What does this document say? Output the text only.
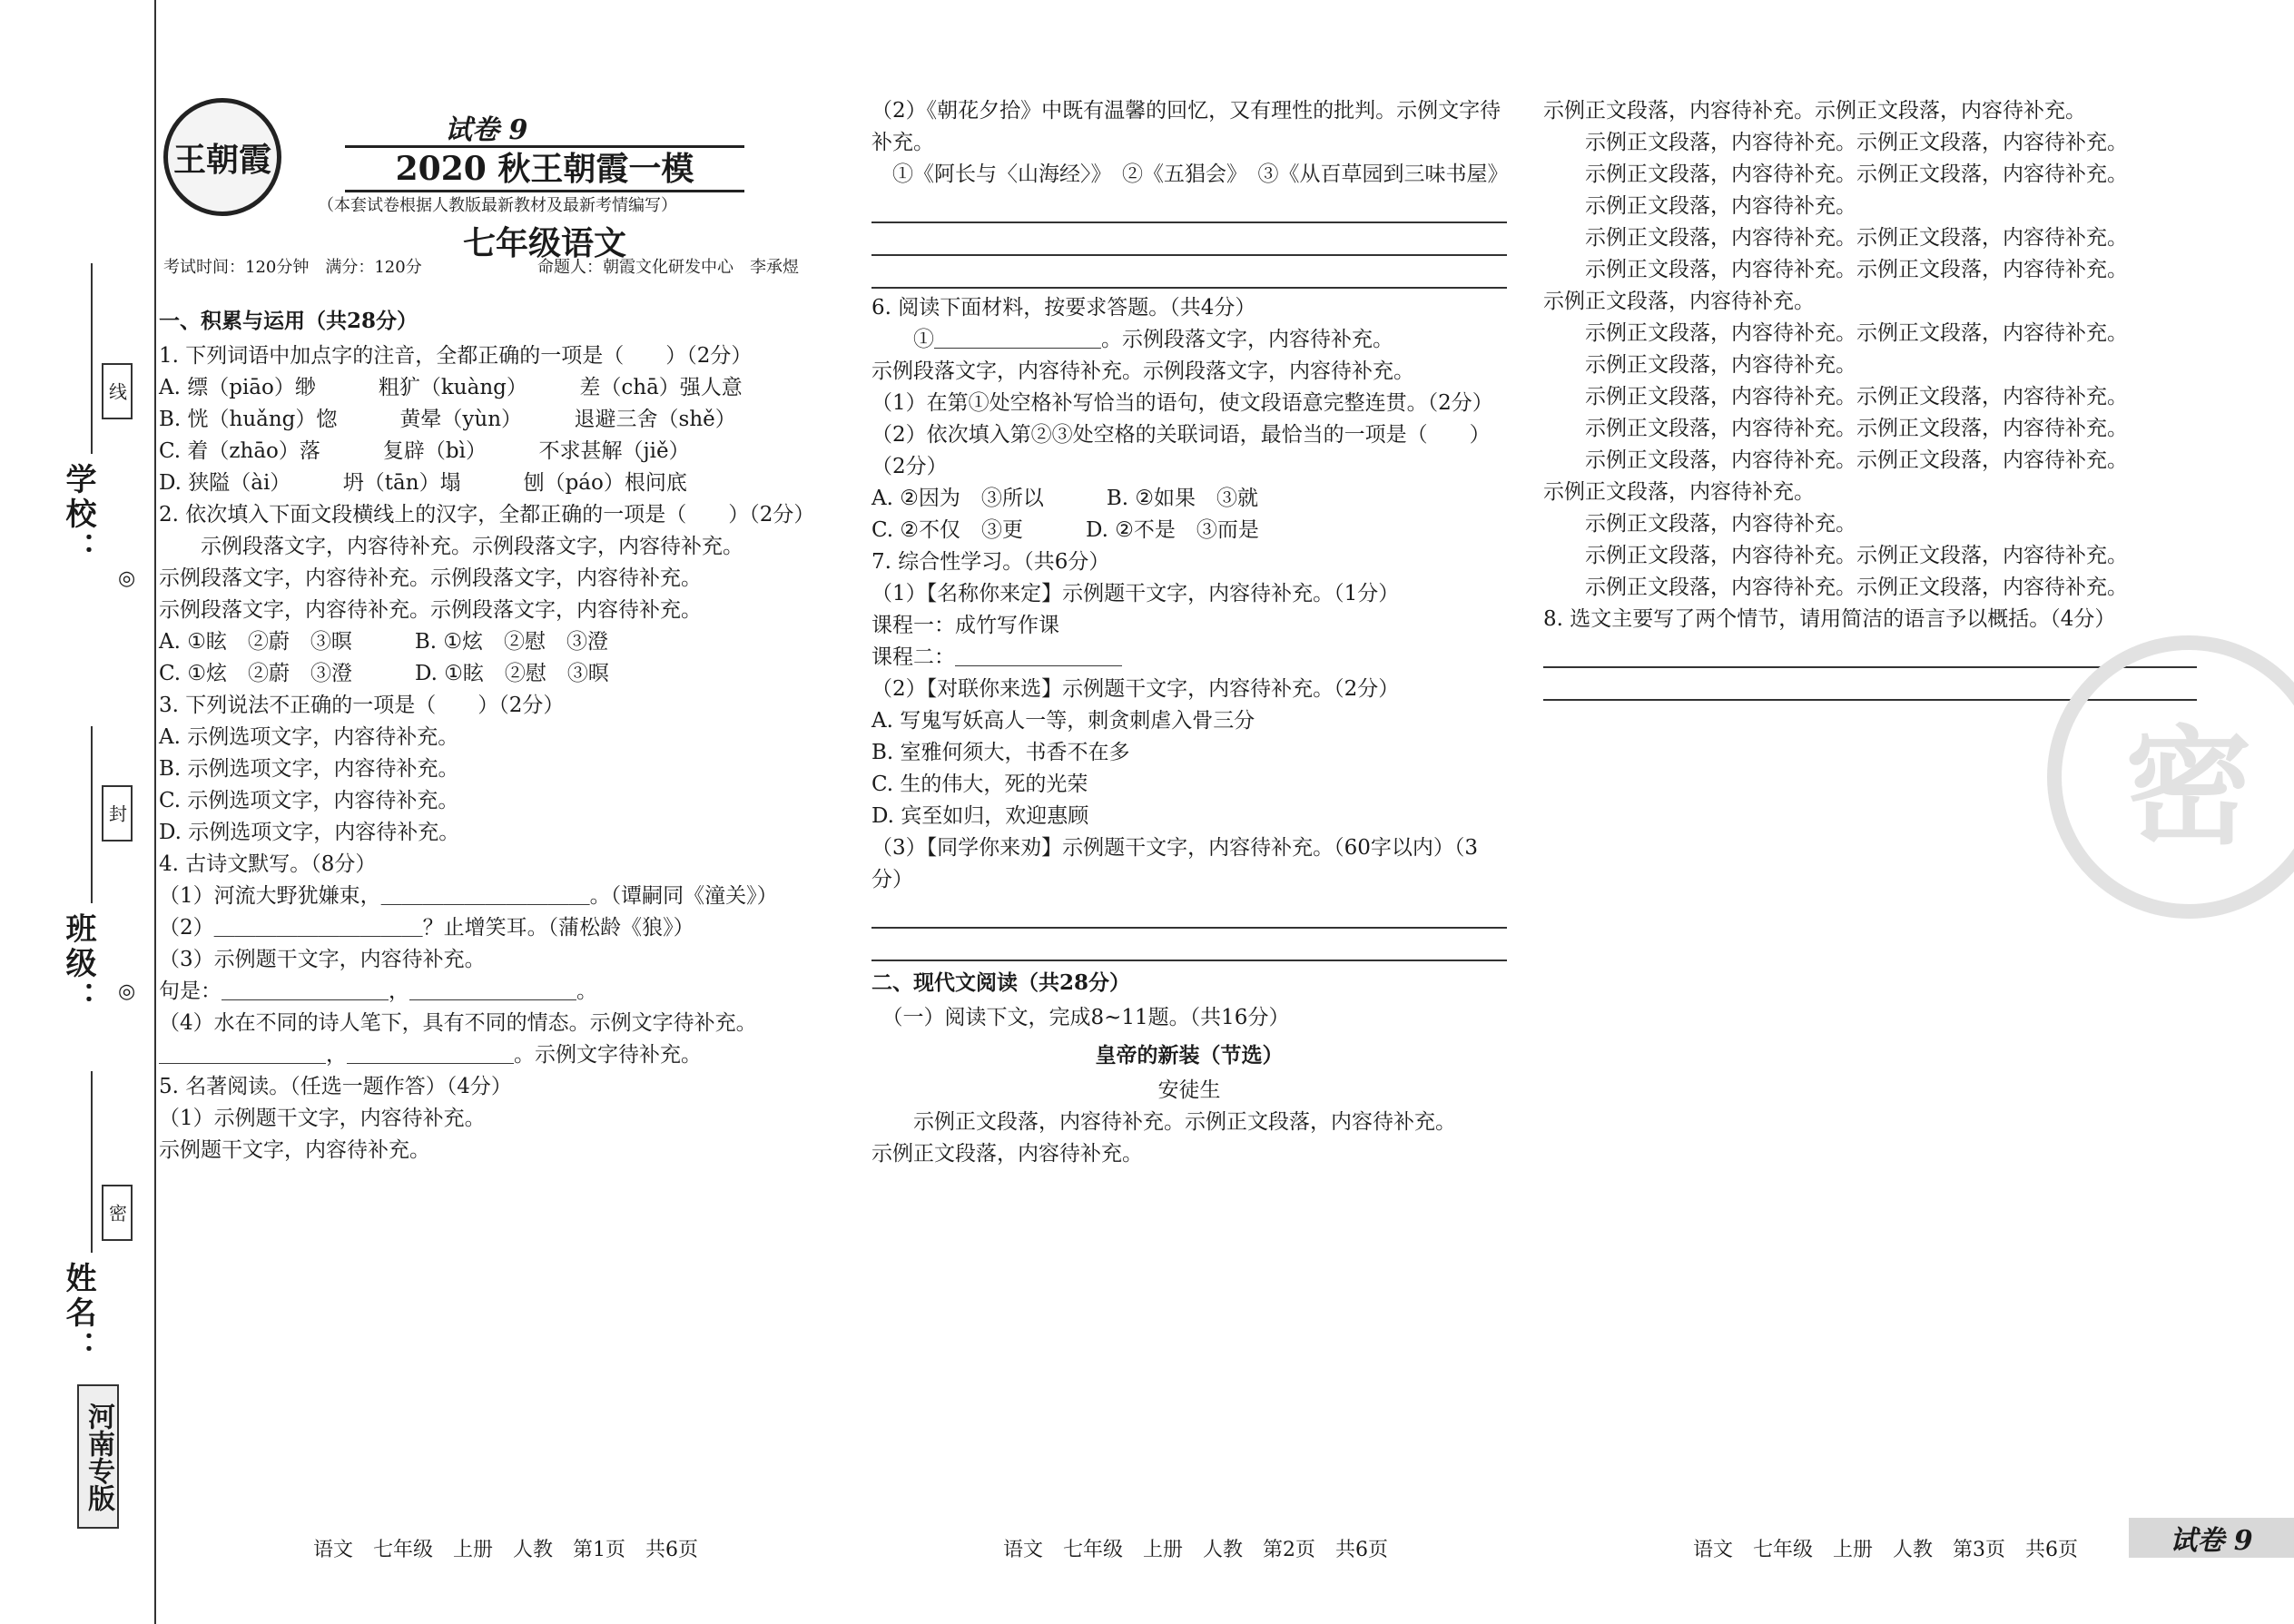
学校：
班级：
姓名：
线
封
密
◎
◎
河南专版
王朝霞
试卷 9
2020 秋王朝霞一模
（本套试卷根据人教版最新教材及最新考情编写）
七年级语文
考试时间：120分钟　满分：120分	命题人：朝霞文化研发中心　李承煜
一、积累与运用（共28分）
1. 下列词语中加点字的注音，全都正确的一项是（　　）（2分）
A. 缥（piāo）缈　　　粗犷（kuàng）　　　差（chā）强人意
B. 恍（huǎng）惚　　　黄晕（yùn）　　　退避三舍（shě）
C. 着（zhāo）落　　　复辟（bì）　　　不求甚解（jiě）
D. 狭隘（ài）　　　坍（tān）塌　　　刨（páo）根问底
2. 依次填入下面文段横线上的汉字，全都正确的一项是（　　）（2分）
　　示例段落文字，内容待补充。示例段落文字，内容待补充。
示例段落文字，内容待补充。示例段落文字，内容待补充。
示例段落文字，内容待补充。示例段落文字，内容待补充。
A. ①眩　②蔚　③暝　　　B. ①炫　②慰　③澄
C. ①炫　②蔚　③澄　　　D. ①眩　②慰　③暝
3. 下列说法不正确的一项是（　　）（2分）
A. 示例选项文字，内容待补充。
B. 示例选项文字，内容待补充。
C. 示例选项文字，内容待补充。
D. 示例选项文字，内容待补充。
4. 古诗文默写。（8分）
（1）河流大野犹嫌束，＿＿＿＿＿＿＿＿＿＿。（谭嗣同《潼关》）
（2）＿＿＿＿＿＿＿＿＿＿？止增笑耳。（蒲松龄《狼》）
（3）示例题干文字，内容待补充。
句是：＿＿＿＿＿＿＿＿，＿＿＿＿＿＿＿＿。
（4）水在不同的诗人笔下，具有不同的情态。示例文字待补充。
＿＿＿＿＿＿＿＿，＿＿＿＿＿＿＿＿。示例文字待补充。
5. 名著阅读。（任选一题作答）（4分）
（1）示例题干文字，内容待补充。
示例题干文字，内容待补充。
（2）《朝花夕拾》中既有温馨的回忆，又有理性的批判。示例文字待补充。
　①《阿长与〈山海经〉》　②《五猖会》　③《从百草园到三味书屋》
6. 阅读下面材料，按要求答题。（共4分）
　　①＿＿＿＿＿＿＿＿。示例段落文字，内容待补充。
示例段落文字，内容待补充。示例段落文字，内容待补充。
（1）在第①处空格补写恰当的语句，使文段语意完整连贯。（2分）
（2）依次填入第②③处空格的关联词语，最恰当的一项是（　　）（2分）
A. ②因为　③所以　　　B. ②如果　③就
C. ②不仅　③更　　　D. ②不是　③而是
7. 综合性学习。（共6分）
（1）【名称你来定】示例题干文字，内容待补充。（1分）
课程一：成竹写作课
课程二：＿＿＿＿＿＿＿＿
（2）【对联你来选】示例题干文字，内容待补充。（2分）
A. 写鬼写妖高人一等，刺贪刺虐入骨三分
B. 室雅何须大，书香不在多
C. 生的伟大，死的光荣
D. 宾至如归，欢迎惠顾
（3）【同学你来劝】示例题干文字，内容待补充。（60字以内）（3分）
二、现代文阅读（共28分）
　（一）阅读下文，完成8~11题。（共16分）
皇帝的新装（节选）
安徒生
　　示例正文段落，内容待补充。示例正文段落，内容待补充。
示例正文段落，内容待补充。
示例正文段落，内容待补充。示例正文段落，内容待补充。
　　示例正文段落，内容待补充。示例正文段落，内容待补充。
　　示例正文段落，内容待补充。示例正文段落，内容待补充。
　　示例正文段落，内容待补充。
　　示例正文段落，内容待补充。示例正文段落，内容待补充。
　　示例正文段落，内容待补充。示例正文段落，内容待补充。
示例正文段落，内容待补充。
　　示例正文段落，内容待补充。示例正文段落，内容待补充。
　　示例正文段落，内容待补充。
　　示例正文段落，内容待补充。示例正文段落，内容待补充。
　　示例正文段落，内容待补充。示例正文段落，内容待补充。
　　示例正文段落，内容待补充。示例正文段落，内容待补充。
示例正文段落，内容待补充。
　　示例正文段落，内容待补充。
　　示例正文段落，内容待补充。示例正文段落，内容待补充。
　　示例正文段落，内容待补充。示例正文段落，内容待补充。
8. 选文主要写了两个情节，请用简洁的语言予以概括。（4分）
密
语文　七年级　上册　人教　第1页　共6页	语文　七年级　上册　人教　第2页　共6页	语文　七年级　上册　人教　第3页　共6页	试卷 9
